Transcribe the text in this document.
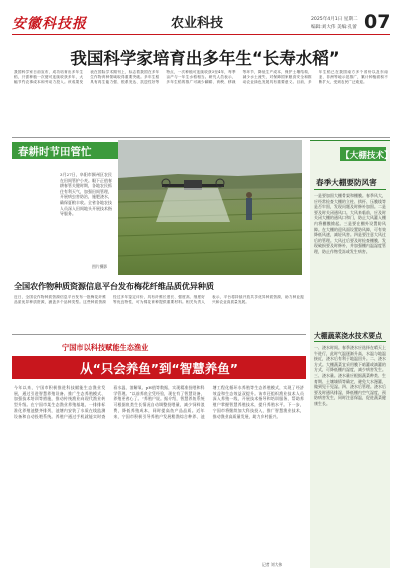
安徽科技报	农业科技	2025年4月1日 星期二
编辑:刘大伟 美编:孔蕾 07
我国科学家培育出多年生“长寿水稻”
我国科学家日前宣布，成功培育出多年生稻，只需种植一次便可连续收获多年，大幅节约农事成本和劳动力投入。该成果发表在国际学术期刊上，标志着我国在多年生作物育种领域取得重要突破。多年生稻具有再生能力强、根系发达、抗逆性好等特点，一次种植可连续收获3至4年，每季亩产与一年生水稻相当。研究人员表示，多年生稻的推广可减少翻耕、育秧、移栽等环节，降低生产成本，保护土壤结构，减少水土流失，对保障国家粮食安全和推动农业绿色发展具有重要意义。目前，多年生稻已在我国南方多个省份以及东南亚、非洲等地示范推广，累计种植面积不断扩大，受到农民广泛欢迎。
春耕时节田管忙
3月27日，阜阳市颍州区农民在田间管护小麦。眼下正值春耕春管关键时期，各地农民抓住有利天气，加强田间管理，开展病虫害防治，施肥浇水，确保夏粮丰收。全省各地农技人员深入田间地头开展技术指导服务。
图片摄影
全国农作物种质资源信息平台发布梅花纤维品质优异种质
近日，全国农作物种质资源信息平台发布一批梅花纤维品质优异种质资源，涵盖多个品种类型。这些种质资源经过多年鉴定评价，具有纤维长度长、强度高、细度好等优良特性，可为棉花育种提供重要材料。相关负责人表示，平台将持续开放共享优异种质资源，助力种业振兴和农业高质量发展。
宁国市以科技赋能生态渔业
从“只会养鱼”到“智慧养鱼”
今年以来，宁国市积极推进科技赋能生态渔业发展，通过引进智慧养殖设备、推广生态养殖模式、加强技术培训等措施，推动传统渔业向现代渔业转型升级。在宁国市某生态渔业养殖基地，一排排标准化养殖池整齐排列，池塘内安装了水质在线监测设备和自动投喂系统。养殖户通过手机就能实时查看水温、溶解氧、pH值等数据，实现精准投喂和科学管理。“以前养鱼全凭经验，现在有了智慧设备，养殖更省心了。”养殖户说。据介绍，智慧养鱼系统可根据鱼类生长情况自动调整投喂量，减少饲料浪费，降低养殖成本，同时提高鱼产品品质。近年来，宁国市积极引导养殖户发展稻渔综合种养、池塘工程化循环水养殖等生态养殖模式，实现了经济效益和生态效益双提升。该市还组织渔业技术人员深入养殖一线，开展技术指导和培训服务，帮助养殖户掌握智慧养殖技术，提升养殖水平。下一步，宁国市将继续加大科技投入，推广智慧渔业技术，推动渔业高质量发展，助力乡村振兴。
记者 刘大伟
【大棚技术】
春季大棚要防风害
一是要加固大棚骨架和棚膜。春季风大，应经常检查大棚的立柱、拱杆、压膜线等是否牢固，发现问题及时修补加固。二是要及时关闭通风口。大风来临前，应及时关闭大棚的通风口和门，防止大风灌入棚内将棚膜掀起。三是要在棚外设置防风障。在大棚的迎风面设置防风障，可有效降低风速，减轻风害。四是要注意大风过后的管理。大风过后要及时检查棚膜，发现破损要及时修补，并加强棚内温湿度管理，防止作物受冻或发生病害。
大棚蔬菜浇水技术要点
一、浇水时间。春季浇水应选择在晴天上午进行，此时气温逐渐升高，水温与地温接近，浇水后有利于地温回升。二、浇水方式。大棚蔬菜宜采用膜下暗灌或滴灌的方式，可降低棚内湿度，减少病害发生。三、浇水量。浇水量应根据蔬菜种类、生育期、土壤墒情等确定，避免大水漫灌，做到见干见湿。四、浇水后管理。浇水后要及时通风排湿，降低棚内空气湿度，预防病害发生，同时注意保温，促进蔬菜健康生长。
